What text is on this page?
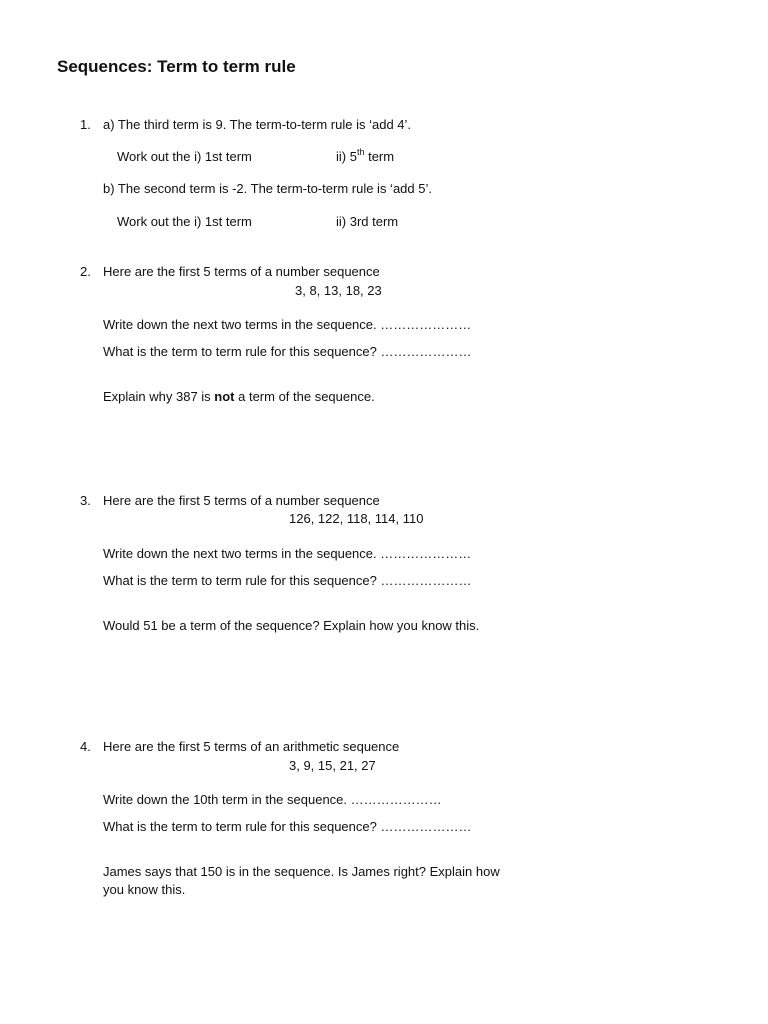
Sequences: Term to term rule
1. a) The third term is 9. The term-to-term rule is ‘add 4’.
Work out the i) 1st term	ii) 5th term
b) The second term is -2. The term-to-term rule is ‘add 5’.
Work out the i) 1st term	ii) 3rd term
2. Here are the first 5 terms of a number sequence
3, 8, 13, 18, 23
Write down the next two terms in the sequence. …………………
What is the term to term rule for this sequence? …………………
Explain why 387 is not a term of the sequence.
3. Here are the first 5 terms of a number sequence
126, 122, 118, 114, 110
Write down the next two terms in the sequence. …………………
What is the term to term rule for this sequence? …………………
Would 51 be a term of the sequence? Explain how you know this.
4. Here are the first 5 terms of an arithmetic sequence
3, 9, 15, 21, 27
Write down the 10th term in the sequence. …………………
What is the term to term rule for this sequence? …………………
James says that 150 is in the sequence. Is James right? Explain how
you know this.
